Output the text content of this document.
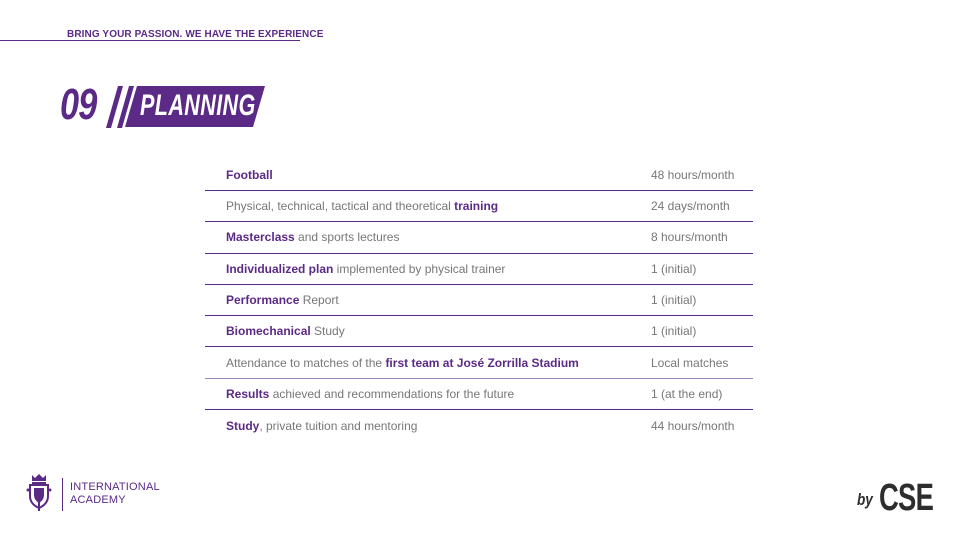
BRING YOUR PASSION. WE HAVE THE EXPERIENCE
09 PLANNING
Football	48 hours/month
Physical, technical, tactical and theoretical training	24 days/month
Masterclass and sports lectures	8 hours/month
Individualized plan implemented by physical trainer	1 (initial)
Performance Report	1 (initial)
Biomechanical Study	1 (initial)
Attendance to matches of the first team at José Zorrilla Stadium	Local matches
Results achieved and recommendations for the future	1 (at the end)
Study, private tuition and mentoring	44 hours/month
INTERNATIONAL
ACADEMY	by CSE
